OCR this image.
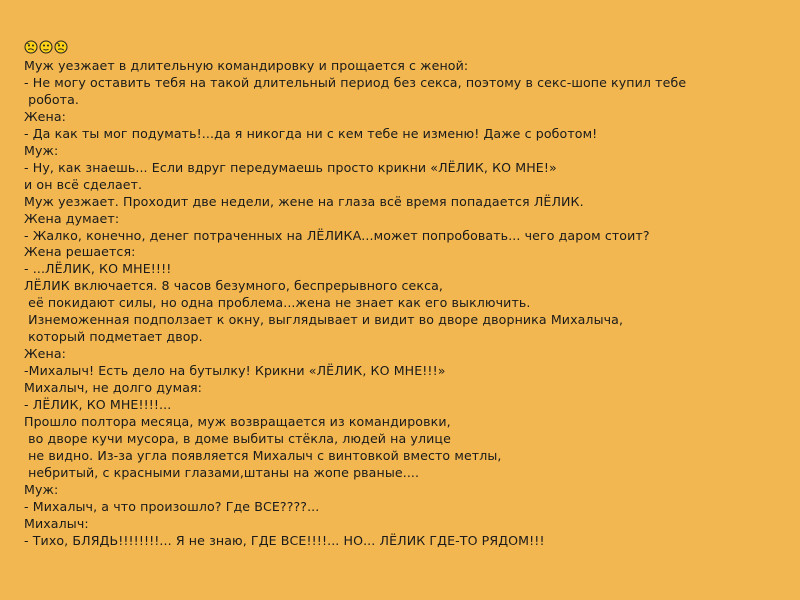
Муж уезжает в длительную командировку и прощается с женой:
- Не могу оставить тебя на такой длительный период без секса, поэтому в секс-шопе купил тебе
робота.
Жена:
- Да как ты мог подумать!...да я никогда ни с кем тебе не изменю! Даже с роботом!
Муж:
- Ну, как знаешь... Если вдруг передумаешь просто крикни «ЛЁЛИК, КО МНЕ!»
и он всё сделает.
Муж уезжает. Проходит две недели, жене на глаза всё время попадается ЛЁЛИК.
Жена думает:
- Жалко, конечно, денег потраченных на ЛЁЛИКА...может попробовать... чего даром стоит?
Жена решается:
- ...ЛЁЛИК, КО МНЕ!!!!
ЛЁЛИК включается. 8 часов безумного, беспрерывного секса,
её покидают силы, но одна проблема...жена не знает как его выключить.
Изнеможенная подползает к окну, выглядывает и видит во дворе дворника Михалыча,
который подметает двор.
Жена:
-Михалыч! Есть дело на бутылку! Крикни «ЛЁЛИК, КО МНЕ!!!»
Михалыч, не долго думая:
- ЛЁЛИК, КО МНЕ!!!!...
Прошло полтора месяца, муж возвращается из командировки,
во дворе кучи мусора, в доме выбиты стёкла, людей на улице
не видно. Из-за угла появляется Михалыч с винтовкой вместо метлы,
небритый, с красными глазами,штаны на жопе рваные....
Муж:
- Михалыч, а что произошло? Где ВСЕ????...
Михалыч:
- Тихо, БЛЯДЬ!!!!!!!!... Я не знаю, ГДЕ ВСЕ!!!!... НО... ЛЁЛИК ГДЕ-ТО РЯДОМ!!!
